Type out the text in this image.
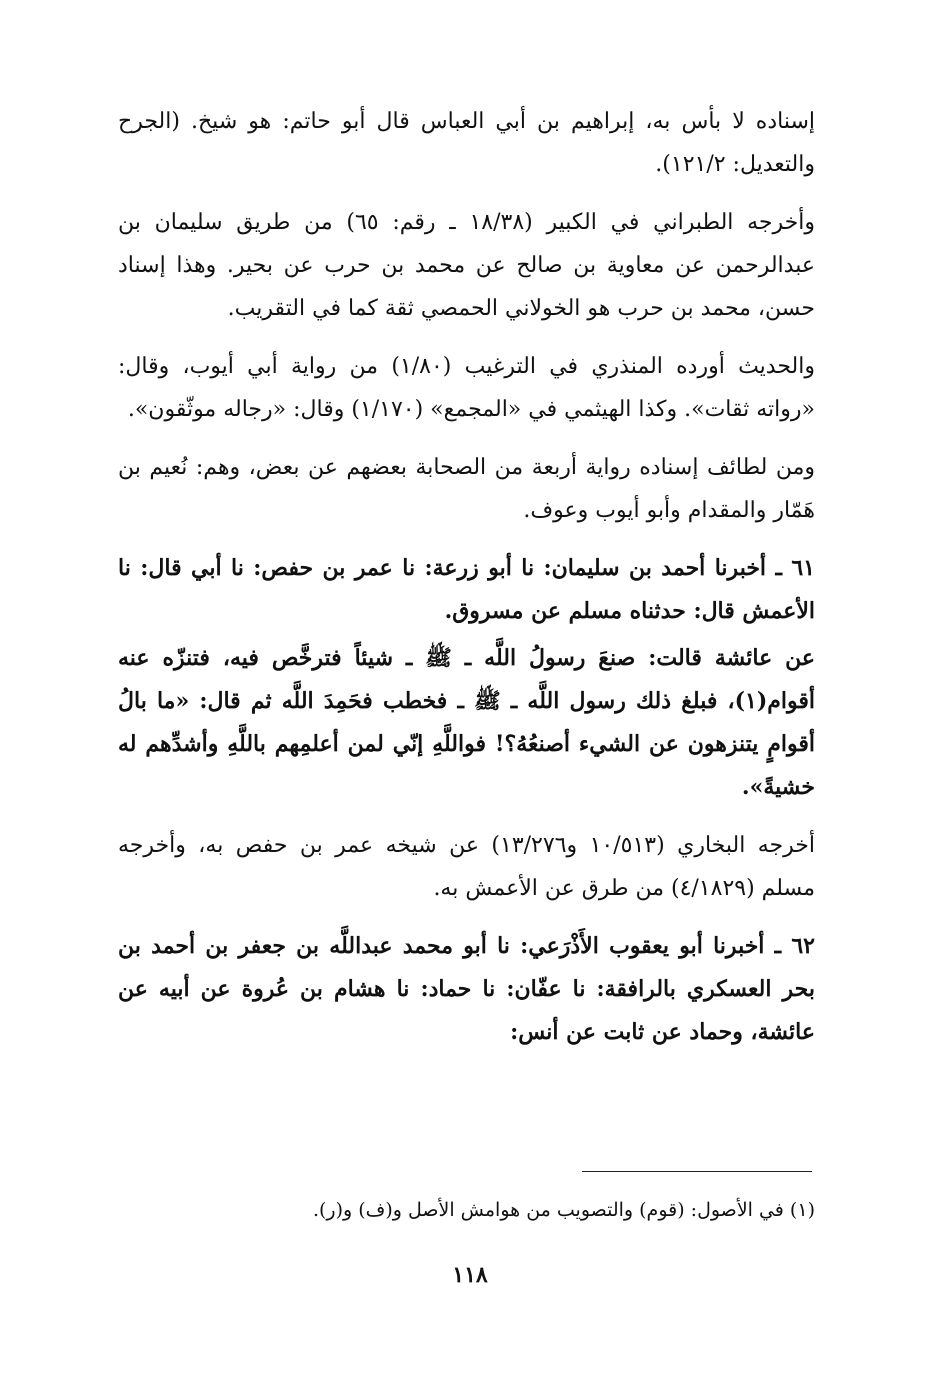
إسناده لا بأس به، إبراهيم بن أبي العباس قال أبو حاتم: هو شيخ. (الجرح والتعديل: ١٢١/٢).

وأخرجه الطبراني في الكبير (١٨/٣٨ ـ رقم: ٦٥) من طريق سليمان بن عبدالرحمن عن معاوية بن صالح عن محمد بن حرب عن بحير. وهذا إسناد حسن، محمد بن حرب هو الخولاني الحمصي ثقة كما في التقريب.

والحديث أورده المنذري في الترغيب (١/٨٠) من رواية أبي أيوب، وقال: «رواته ثقات». وكذا الهيثمي في «المجمع» (١/١٧٠) وقال: «رجاله موثّقون».

ومن لطائف إسناده رواية أربعة من الصحابة بعضهم عن بعض، وهم: نُعيم بن هَمّار والمقدام وأبو أيوب وعوف.

٦١ ـ أخبرنا أحمد بن سليمان: نا أبو زرعة: نا عمر بن حفص: نا أبي قال: نا الأعمش قال: حدثناه مسلم عن مسروق.

عن عائشة قالت: صنعَ رسولُ اللَّه ـ ﷺ ـ شيئاً فترخَّص فيه، فتنزّه عنه أقوام(١)، فبلغ ذلك رسول اللَّه ـ ﷺ ـ فخطب فحَمِدَ اللَّه ثم قال: «ما بالُ أقوامٍ يتنزهون عن الشيء أصنعُهُ؟! فواللَّهِ إنّي لمن أعلمِهم باللَّهِ وأشدِّهم له خشيةً».

أخرجه البخاري (١٠/٥١٣ و١٣/٢٧٦) عن شيخه عمر بن حفص به، وأخرجه مسلم (٤/١٨٢٩) من طرق عن الأعمش به.

٦٢ ـ أخبرنا أبو يعقوب الأَذْرَعي: نا أبو محمد عبداللَّه بن جعفر بن أحمد بن بحر العسكري بالرافقة: نا عفّان: نا حماد: نا هشام بن عُروة عن أبيه عن عائشة، وحماد عن ثابت عن أنس:

(١) في الأصول: (قوم) والتصويب من هوامش الأصل و(ف) و(ر).
١١٨
